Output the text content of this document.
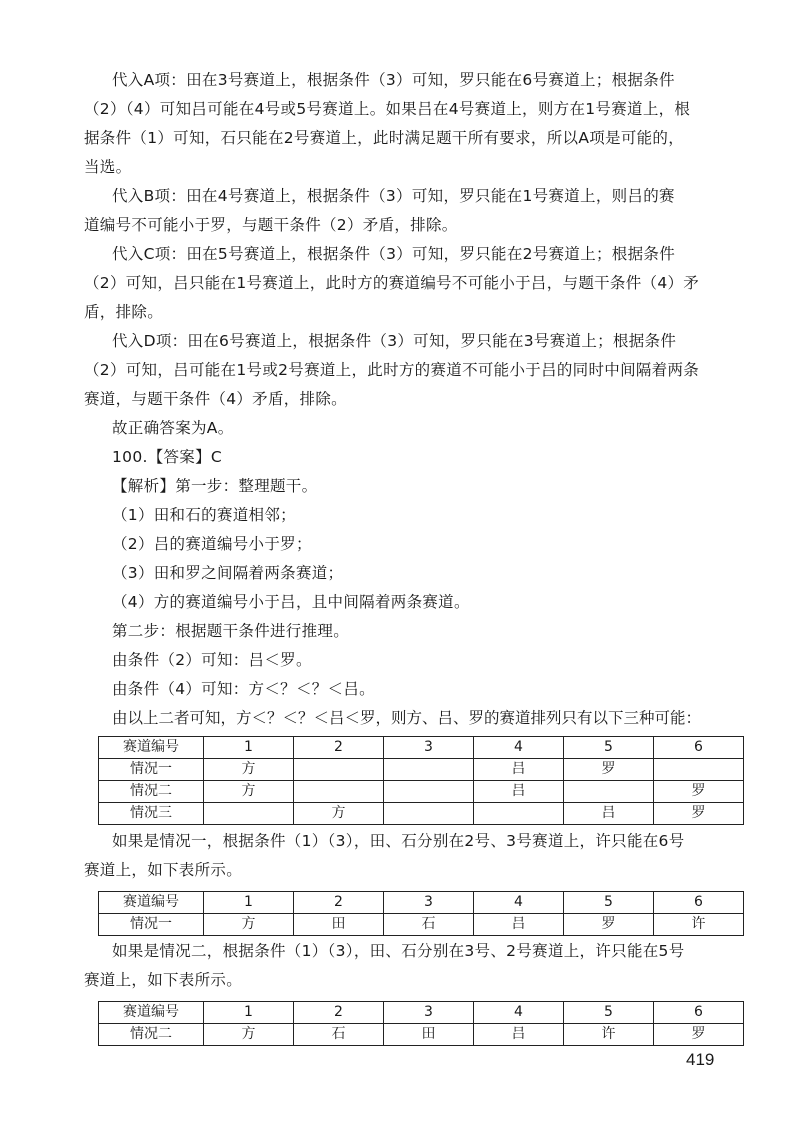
代入A项：田在3号赛道上，根据条件（3）可知，罗只能在6号赛道上；根据条件
（2）（4）可知吕可能在4号或5号赛道上。如果吕在4号赛道上，则方在1号赛道上，根
据条件（1）可知，石只能在2号赛道上，此时满足题干所有要求，所以A项是可能的，
当选。
代入B项：田在4号赛道上，根据条件（3）可知，罗只能在1号赛道上，则吕的赛
道编号不可能小于罗，与题干条件（2）矛盾，排除。
代入C项：田在5号赛道上，根据条件（3）可知，罗只能在2号赛道上；根据条件
（2）可知，吕只能在1号赛道上，此时方的赛道编号不可能小于吕，与题干条件（4）矛
盾，排除。
代入D项：田在6号赛道上，根据条件（3）可知，罗只能在3号赛道上；根据条件
（2）可知，吕可能在1号或2号赛道上，此时方的赛道不可能小于吕的同时中间隔着两条
赛道，与题干条件（4）矛盾，排除。
故正确答案为A。
100.【答案】C
【解析】第一步：整理题干。
（1）田和石的赛道相邻；
（2）吕的赛道编号小于罗；
（3）田和罗之间隔着两条赛道；
（4）方的赛道编号小于吕，且中间隔着两条赛道。
第二步：根据题干条件进行推理。
由条件（2）可知：吕＜罗。
由条件（4）可知：方＜？＜？＜吕。
由以上二者可知，方＜？＜？＜吕＜罗，则方、吕、罗的赛道排列只有以下三种可能：
赛道编号	1	2	3	4	5	6
情况一	方			吕	罗	
情况二	方			吕		罗
情况三		方			吕	罗
如果是情况一，根据条件（1）（3），田、石分别在2号、3号赛道上，许只能在6号
赛道上，如下表所示。
赛道编号	1	2	3	4	5	6
情况一	方	田	石	吕	罗	许
如果是情况二，根据条件（1）（3），田、石分别在3号、2号赛道上，许只能在5号
赛道上，如下表所示。
赛道编号	1	2	3	4	5	6
情况二	方	石	田	吕	许	罗
419
